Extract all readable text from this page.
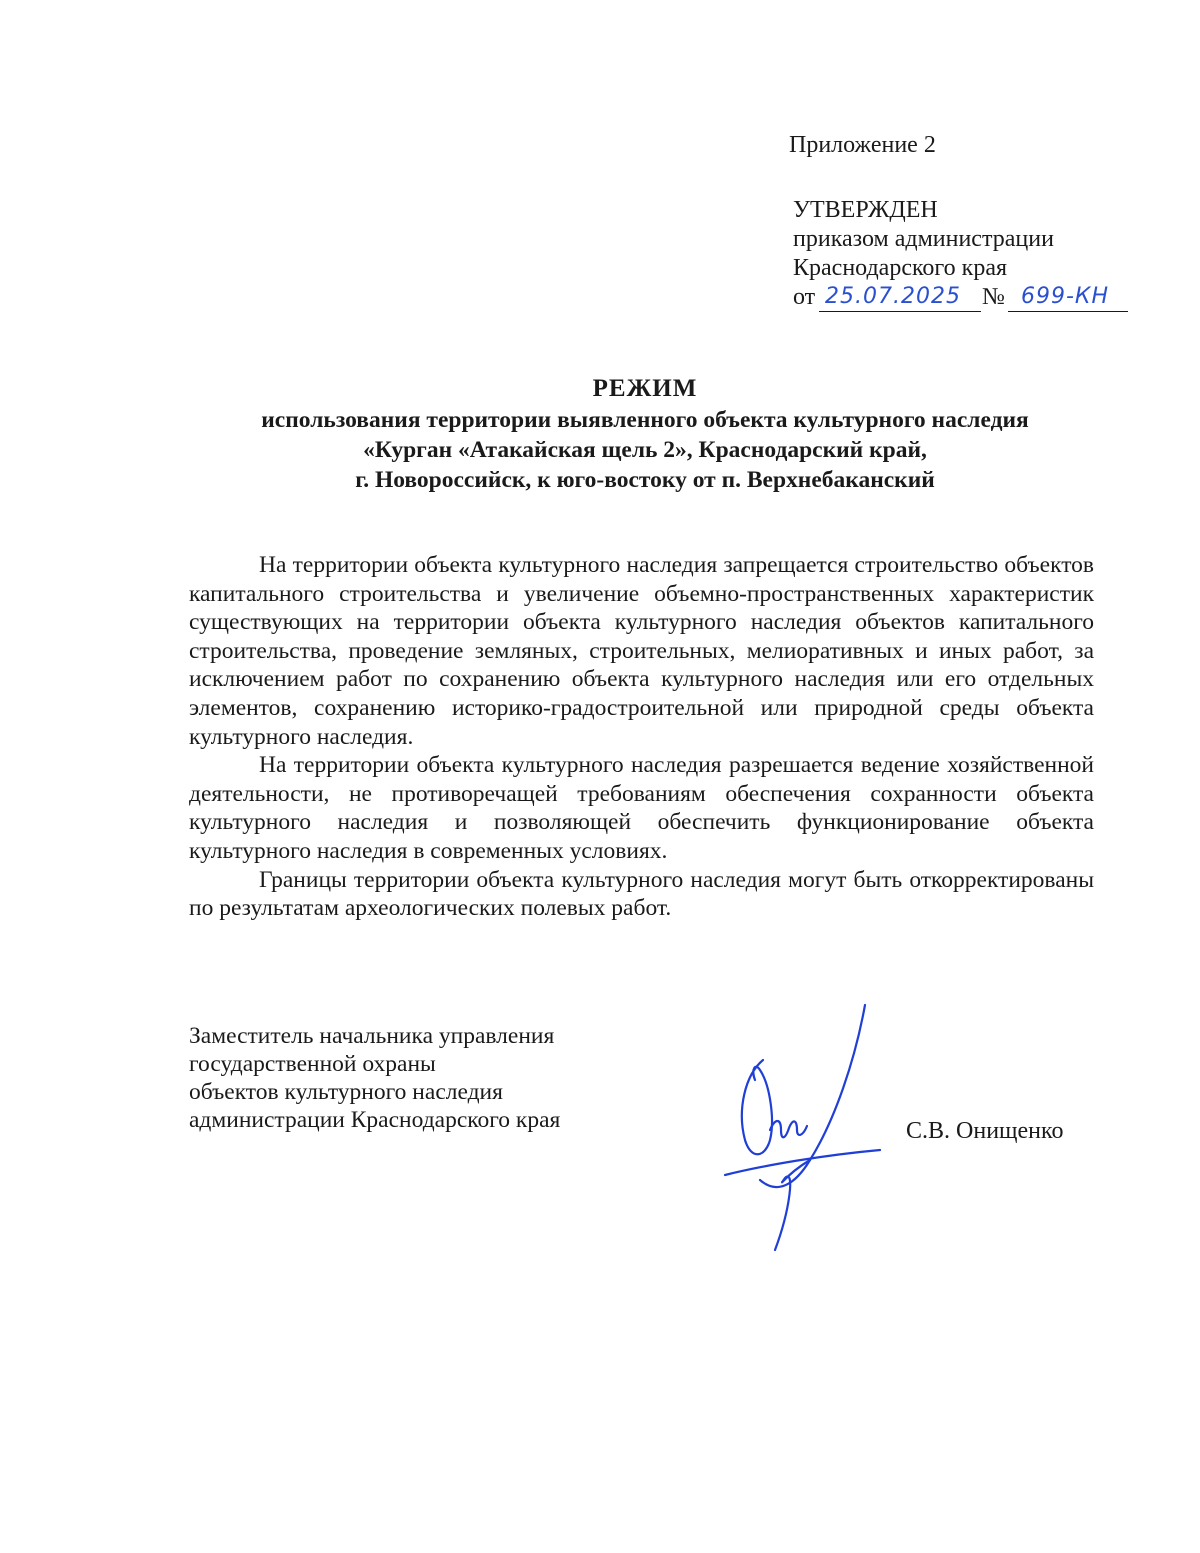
Приложение 2
УТВЕРЖДЕН
приказом администрации
Краснодарского края
от 25.07.2025 № 699-КН
РЕЖИМ
использования территории выявленного объекта культурного наследия
«Курган «Атакайская щель 2», Краснодарский край,
г. Новороссийск, к юго-востоку от п. Верхнебаканский

На территории объекта культурного наследия запрещается строительство объектов капитального строительства и увеличение объемно-пространственных характеристик существующих на территории объекта культурного наследия объектов капитального строительства, проведение земляных, строительных, мелиоративных и иных работ, за исключением работ по сохранению объекта культурного наследия или его отдельных элементов, сохранению историко-градостроительной или природной среды объекта культурного наследия.

На территории объекта культурного наследия разрешается ведение хозяйственной деятельности, не противоречащей требованиям обеспечения сохранности объекта культурного наследия и позволяющей обеспечить функционирование объекта культурного наследия в современных условиях.

Границы территории объекта культурного наследия могут быть откорректированы по результатам археологических полевых работ.

Заместитель начальника управления
государственной охраны
объектов культурного наследия
администрации Краснодарского края	С.В. Онищенко
